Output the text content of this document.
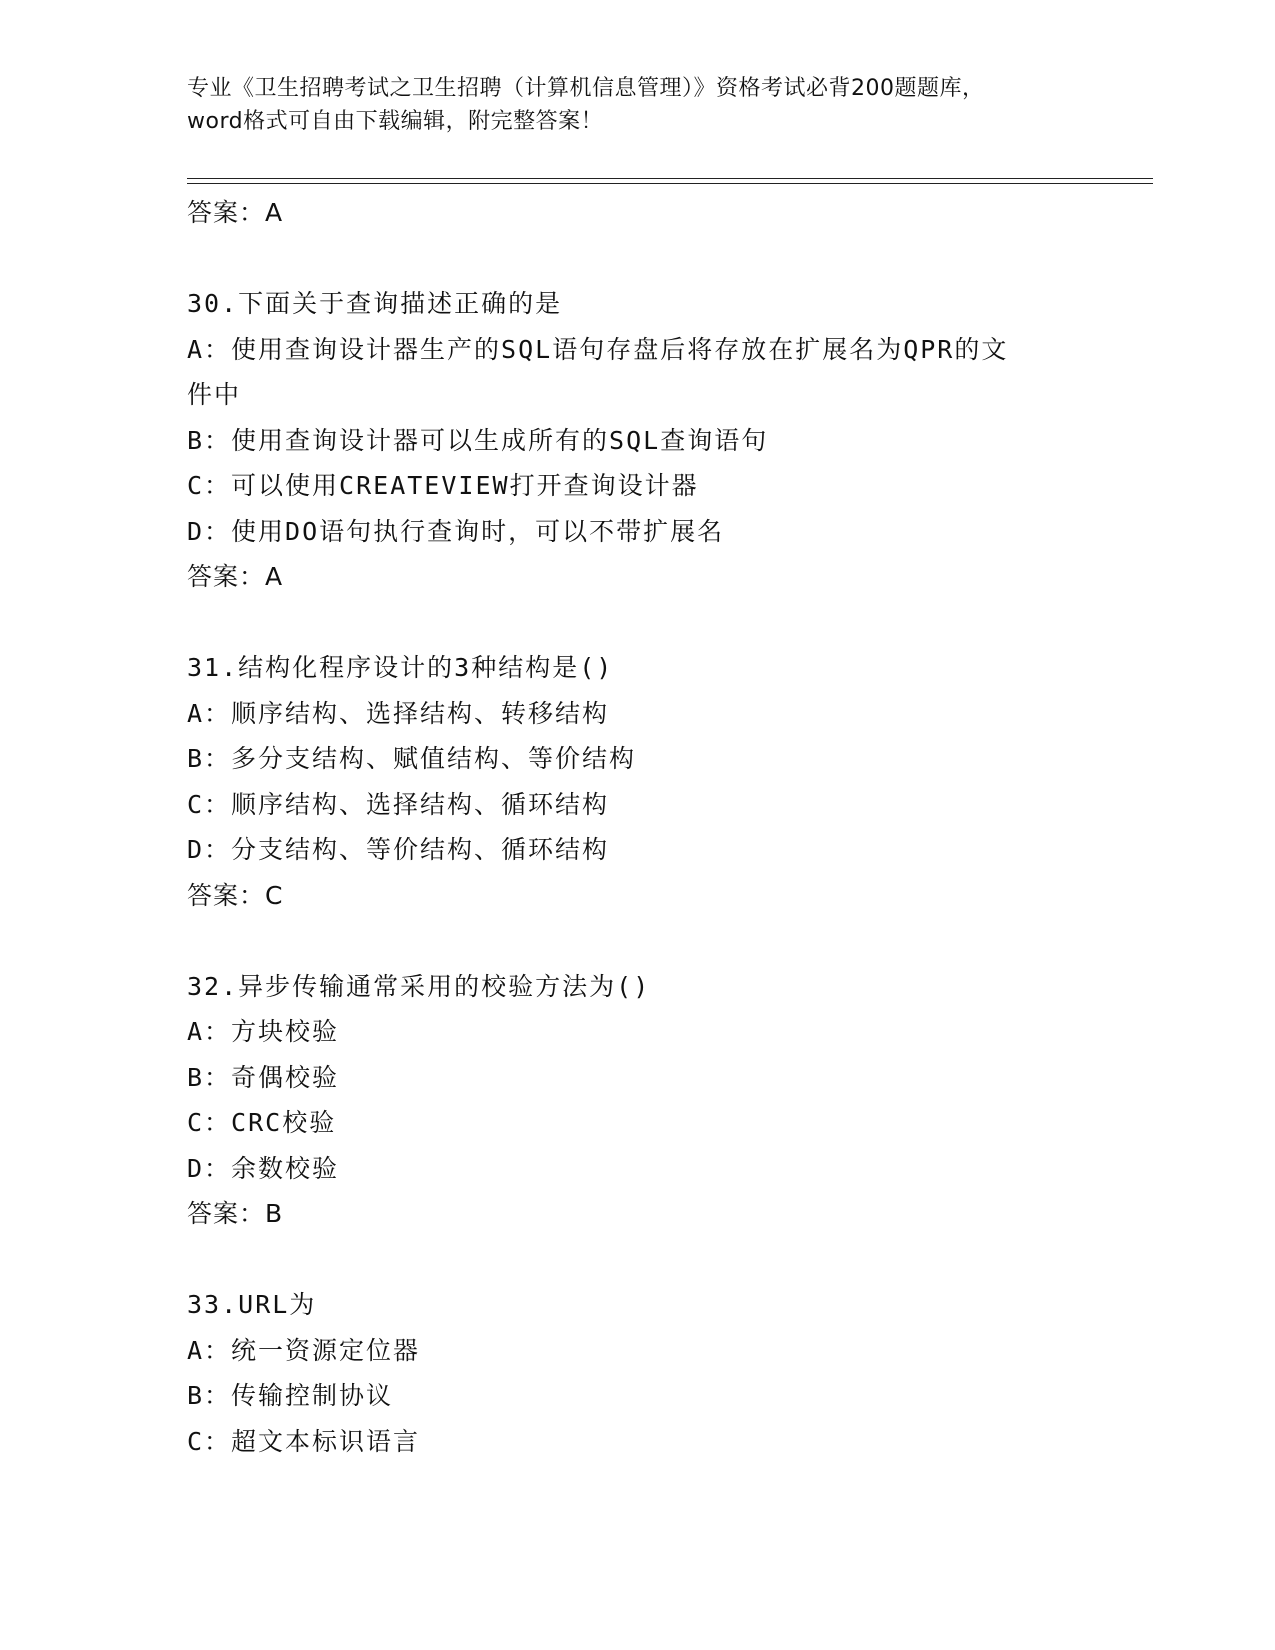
专业《卫生招聘考试之卫生招聘（计算机信息管理）》资格考试必背200题题库，
word格式可自由下载编辑，附完整答案！
答案：A
30.下面关于查询描述正确的是
A：使用查询设计器生产的SQL语句存盘后将存放在扩展名为QPR的文
件中
B：使用查询设计器可以生成所有的SQL查询语句
C：可以使用CREATEVIEW打开查询设计器
D：使用DO语句执行查询时，可以不带扩展名
答案：A
31.结构化程序设计的3种结构是()
A：顺序结构、选择结构、转移结构
B：多分支结构、赋值结构、等价结构
C：顺序结构、选择结构、循环结构
D：分支结构、等价结构、循环结构
答案：C
32.异步传输通常采用的校验方法为()
A：方块校验
B：奇偶校验
C：CRC校验
D：余数校验
答案：B
33.URL为
A：统一资源定位器
B：传输控制协议
C：超文本标识语言
